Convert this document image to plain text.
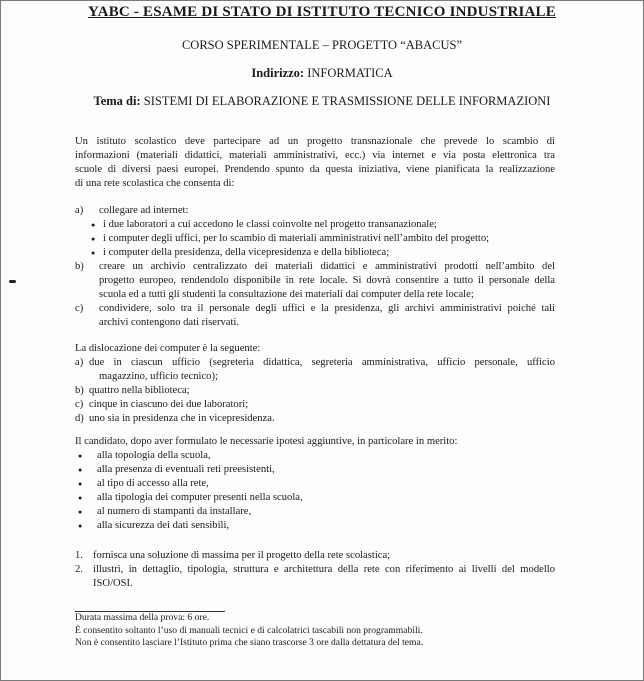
YABC - ESAME DI STATO DI ISTITUTO TECNICO INDUSTRIALE
CORSO SPERIMENTALE – PROGETTO “ABACUS”
Indirizzo: INFORMATICA
Tema di: SISTEMI DI ELABORAZIONE E TRASMISSIONE DELLE INFORMAZIONI
Un istituto scolastico deve partecipare ad un progetto transnazionale che prevede lo scambio di
informazioni (materiali didattici, materiali amministrativi, ecc.) via internet e via posta elettronica tra
scuole di diversi paesi europei. Prendendo spunto da questa iniziativa, viene pianificata la realizzazione
di una rete scolastica che consenta di:
a) collegare ad internet:
● i due laboratori a cui accedono le classi coinvolte nel progetto transanazionale;
● i computer degli uffici, per lo scambio di materiali amministrativi nell’ambito del progetto;
● i computer della presidenza, della vicepresidenza e della biblioteca;
b)	creare un archivio centralizzato dei materiali didattici e amministrativi prodotti nell’ambito del
progetto europeo, rendendolo disponibile in rete locale. Si dovrà consentire a tutto il personale della
scuola ed a tutti gli studenti la consultazione dei materiali dai computer della rete locale;
c)	condividere, solo tra il personale degli uffici e la presidenza, gli archivi amministrativi poiché tali
archivi contengono dati riservati.
La dislocazione dei computer è la seguente:
a) due in ciascun ufficio (segreteria didattica, segreteria amministrativa, ufficio personale, ufficio
magazzino, ufficio tecnico);
b) quattro nella biblioteca;
c) cinque in ciascuno dei due laboratori;
d) uno sia in presidenza che in vicepresidenza.
Il candidato, dopo aver formulato le necessarie ipotesi aggiuntive, in particolare in merito:
● alla topologia della scuola,
● alla presenza di eventuali reti preesistenti,
● al tipo di accesso alla rete,
● alla tipologia dei computer presenti nella scuola,
● al numero di stampanti da installare,
● alla sicurezza dei dati sensibili,
1. fornisca una soluzione di massima per il progetto della rete scolastica;
2. illustri, in dettaglio, tipologia, struttura e architettura della rete con riferimento ai livelli del modello
ISO/OSI.
Durata massima della prova: 6 ore.
È consentito soltanto l’uso di manuali tecnici e di calcolatrici tascabili non programmabili.
Non è consentito lasciare l’Istituto prima che siano trascorse 3 ore dalla dettatura del tema.
